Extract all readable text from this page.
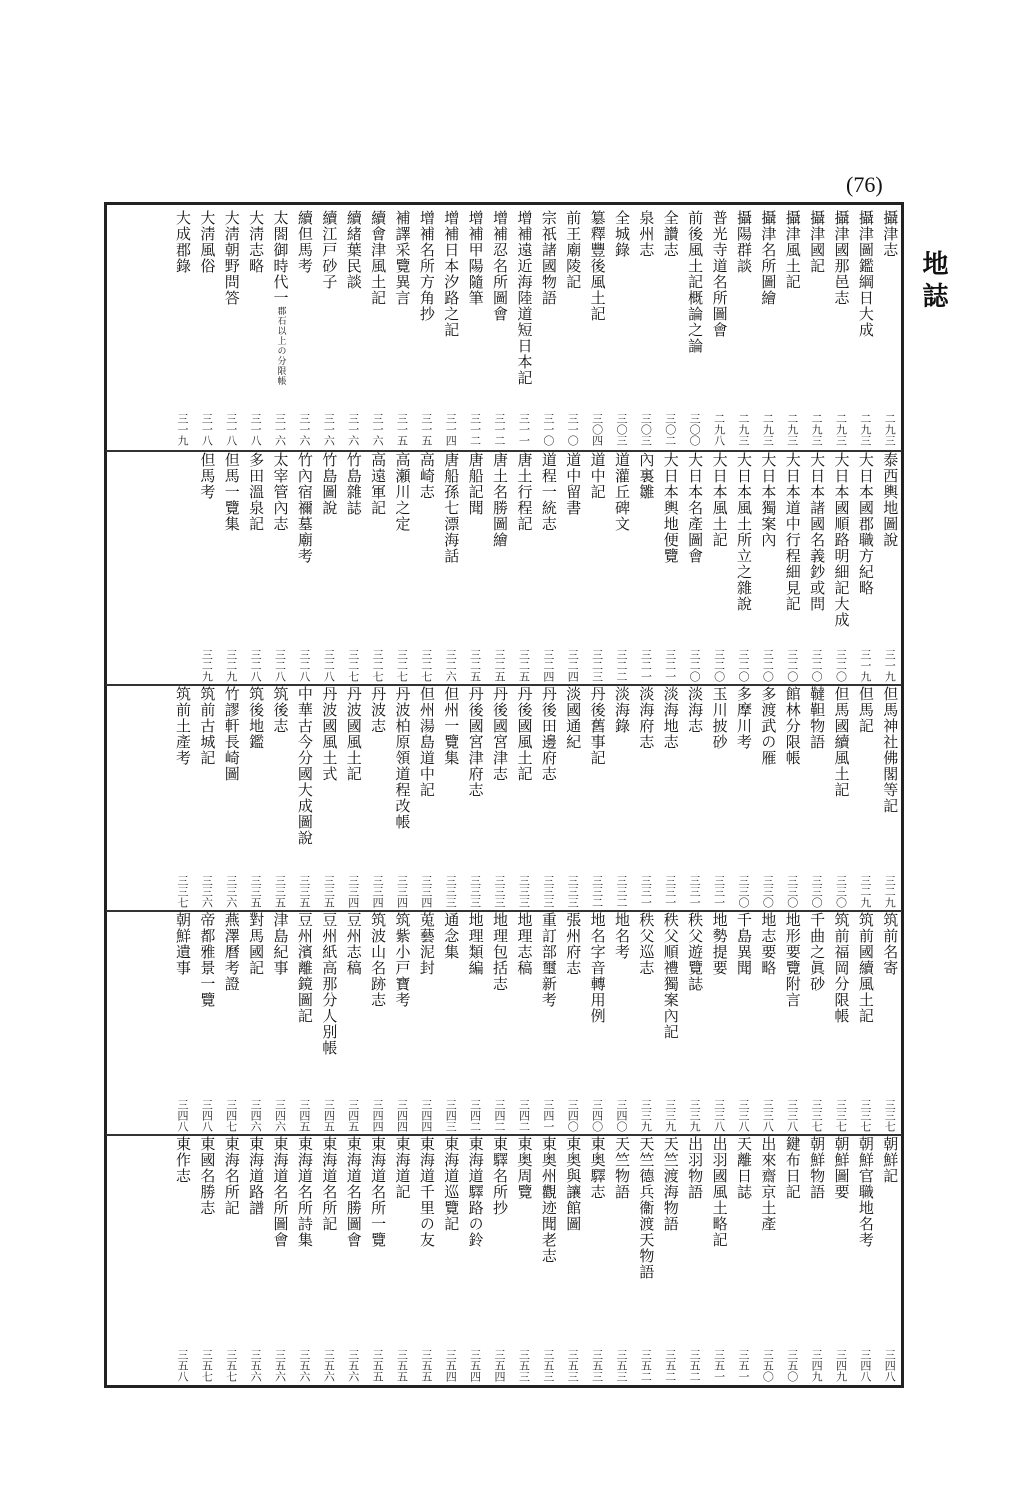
(76)
地誌
攝津志
二九三
攝津圖鑑綱日大成
二九三
攝津國那邑志
二九三
攝津國記
二九三
攝津風土記
二九三
攝津名所圖繪
二九三
攝陽群談
二九三
普光寺道名所圖會
二九八
前後風土記概論之論
三〇〇
全讚志
三〇二
泉州志
三〇三
全城錄
三〇三
簒釋豐後風土記
三〇四
前王廟陵記
三一〇
宗祇諸國物語
三一〇
增補遠近海陸道短日本記
三一一
增補忍名所圖會
三一二
增補甲陽隨筆
三一二
增補日本汐路之記
三一四
增補名所方角抄
三一五
補譯采覽異言
三一五
續會津風土記
三一六
續緒葉民談
三一六
續江戸砂子
三一六
續但馬考
三一六
太閤御時代一郡石以上の分限帳
三一六
大淸志略
三一八
大淸朝野問答
三一八
大淸風俗
三一八
大成郡錄
三一九
泰西輿地圖說
三一九
大日本國郡職方紀略
三一九
大日本國順路明細記大成
三二〇
大日本諸國名義鈔或問
三二〇
大日本道中行程細見記
三二〇
大日本獨案內
三二〇
大日本風土所立之雜說
三二〇
大日本風土記
三二〇
大日本名產圖會
三二〇
大日本輿地便覽
三二一
內裏雛
三二一
道灌丘碑文
三二二
道中記
三二三
道中留書
三二四
道程一統志
三二四
唐土行程記
三二五
唐土名勝圖繪
三二五
唐船記聞
三二五
唐船孫七漂海話
三二六
高崎志
三二七
高瀬川之定
三二七
高遠軍記
三二七
竹島雜誌
三二七
竹島圖說
三二八
竹內宿禰墓廟考
三二八
太宰管內志
三二八
多田溫泉記
三二八
但馬一覽集
三二九
但馬考
三二九
但馬神社佛閣等記
三二九
但馬記
三二九
但馬國續風土記
三三〇
韃靼物語
三三〇
館林分限帳
三三〇
多渡武の雁
三三〇
多摩川考
三三〇
玉川披砂
三三一
淡海志
三三一
淡海地志
三三一
淡海府志
三三一
淡海錄
三三二
丹後舊事記
三三二
淡國通紀
三三三
丹後田邊府志
三三三
丹後國風土記
三三三
丹後國宮津志
三三三
丹後國宮津府志
三三三
但州一覽集
三三三
但州湯島道中記
三三四
丹波柏原領道程改帳
三三四
丹波志
三三四
丹波國風土記
三三四
丹波國風土式
三三五
中華古今分國大成圖說
三三五
筑後志
三三五
筑後地鑑
三三五
竹謬軒長崎圖
三三六
筑前古城記
三三六
筑前土產考
三三七
筑前名寄
三三七
筑前國續風土記
三三七
筑前福岡分限帳
三三七
千曲之眞砂
三三七
地形要覽附言
三三八
地志要略
三三八
千島異聞
三三八
地勢提要
三三八
秩父遊覽誌
三三九
秩父順禮獨案內記
三三九
秩父巡志
三三九
地名考
三四〇
地名字音轉用例
三四〇
張州府志
三四〇
重訂部璽新考
三四一
地理志稿
三四二
地理包括志
三四二
地理類編
三四二
通念集
三四三
莵藝泥封
三四四
筑紫小戸寶考
三四四
筑波山名跡志
三四四
豆州志稿
三四五
豆州紙高那分人別帳
三四五
豆州濱離鏡圖記
三四五
津島紀事
三四六
對馬國記
三四六
燕澤曆考證
三四七
帝都雅景一覽
三四八
朝鮮遺事
三四八
朝鮮記
三四八
朝鮮官職地名考
三四八
朝鮮圖要
三四九
朝鮮物語
三四九
鍵布日記
三五〇
出來齋京土產
三五〇
天離日誌
三五一
出羽國風土略記
三五一
出羽物語
三五二
天竺渡海物語
三五二
天竺德兵衞渡天物語
三五二
天竺物語
三五三
東奥驛志
三五三
東奥與讓館圖
三五三
東奥州觀迹聞老志
三五三
東奥周覽
三五三
東驛名所抄
三五四
東海道驛路の鈴
三五四
東海道巡覽記
三五四
東海道千里の友
三五五
東海道記
三五五
東海道名所一覽
三五五
東海道名勝圖會
三五六
東海道名所記
三五六
東海道名所詩集
三五六
東海道名所圖會
三五六
東海道路譜
三五六
東海名所記
三五七
東國名勝志
三五七
東作志
三五八
